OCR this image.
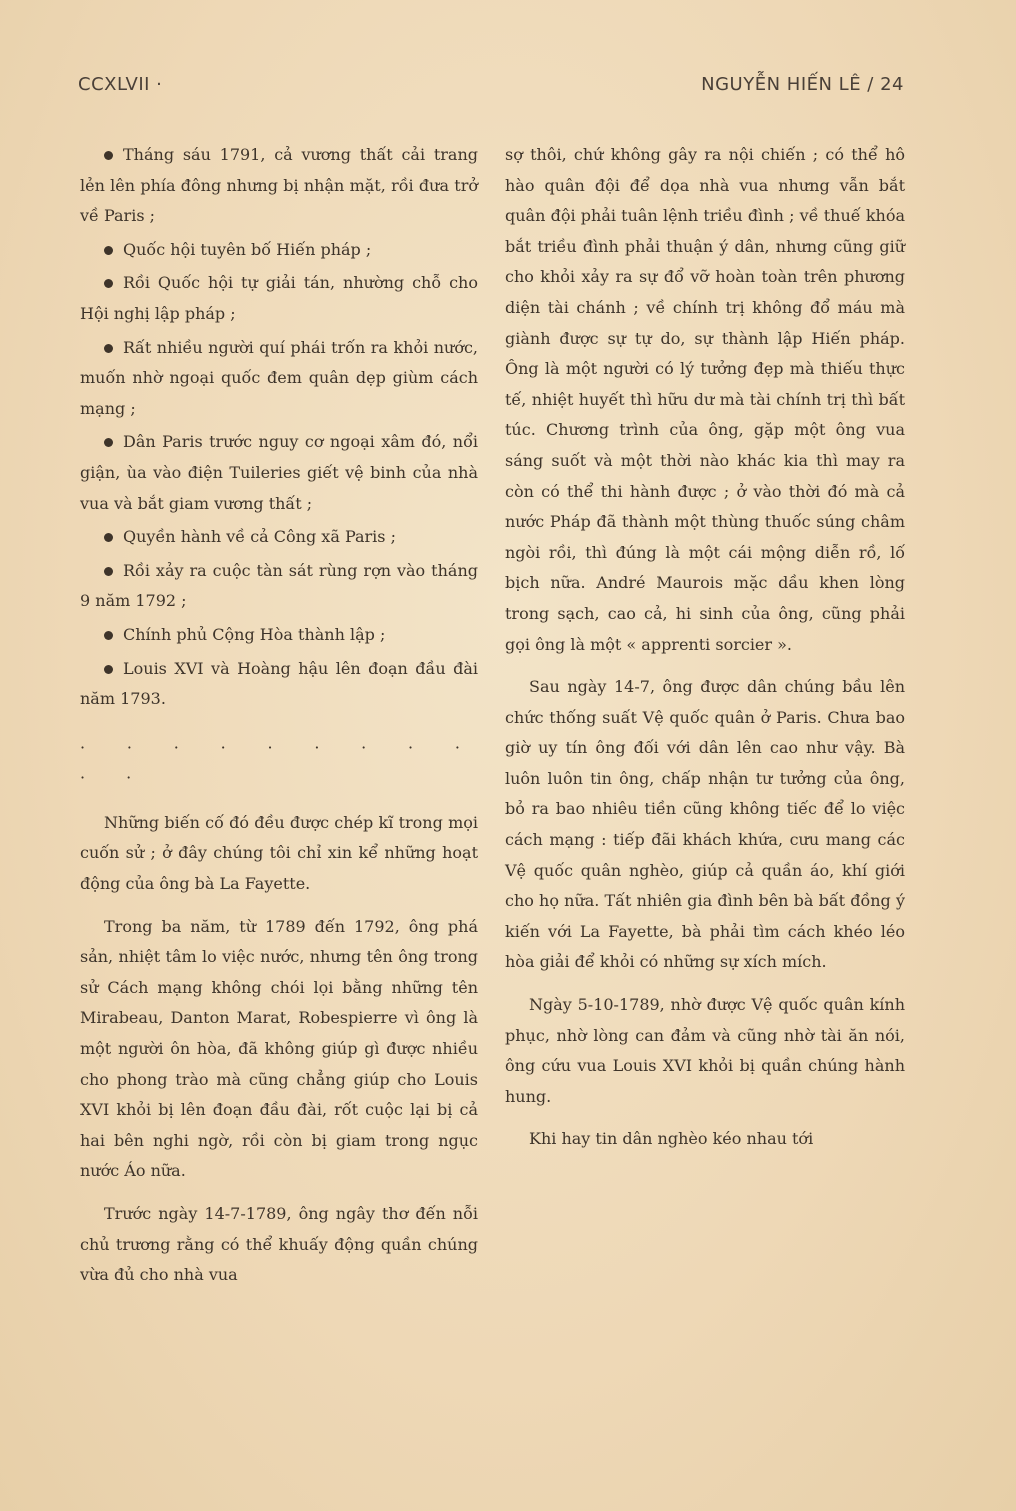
CCXLVII ·	NGUYỄN HIẾN LÊ / 24

Tháng sáu 1791, cả vương thất cải trang lẻn lên phía đông nhưng bị nhận mặt, rồi đưa trở về Paris ;

Quốc hội tuyên bố Hiến pháp ;

Rồi Quốc hội tự giải tán, nhường chỗ cho Hội nghị lập pháp ;

Rất nhiều người quí phái trốn ra khỏi nước, muốn nhờ ngoại quốc đem quân dẹp giùm cách mạng ;

Dân Paris trước nguy cơ ngoại xâm đó, nổi giận, ùa vào điện Tuileries giết vệ binh của nhà vua và bắt giam vương thất ;

Quyền hành về cả Công xã Paris ;

Rồi xảy ra cuộc tàn sát rùng rợn vào tháng 9 năm 1792 ;

Chính phủ Cộng Hòa thành lập ;

Louis XVI và Hoàng hậu lên đoạn đầu đài năm 1793.

· · · · · · · · · · ·

Những biến cố đó đều được chép kĩ trong mọi cuốn sử ; ở đây chúng tôi chỉ xin kể những hoạt động của ông bà La Fayette.

Trong ba năm, từ 1789 đến 1792, ông phá sản, nhiệt tâm lo việc nước, nhưng tên ông trong sử Cách mạng không chói lọi bằng những tên Mirabeau, Danton Marat, Robespierre vì ông là một người ôn hòa, đã không giúp gì được nhiều cho phong trào mà cũng chẳng giúp cho Louis XVI khỏi bị lên đoạn đầu đài, rốt cuộc lại bị cả hai bên nghi ngờ, rồi còn bị giam trong ngục nước Áo nữa.

Trước ngày 14-7-1789, ông ngây thơ đến nỗi chủ trương rằng có thể khuấy động quần chúng vừa đủ cho nhà vua

sợ thôi, chứ không gây ra nội chiến ; có thể hô hào quân đội để dọa nhà vua nhưng vẫn bắt quân đội phải tuân lệnh triều đình ; về thuế khóa bắt triều đình phải thuận ý dân, nhưng cũng giữ cho khỏi xảy ra sự đổ vỡ hoàn toàn trên phương diện tài chánh ; về chính trị không đổ máu mà giành được sự tự do, sự thành lập Hiến pháp. Ông là một người có lý tưởng đẹp mà thiếu thực tế, nhiệt huyết thì hữu dư mà tài chính trị thì bất túc. Chương trình của ông, gặp một ông vua sáng suốt và một thời nào khác kia thì may ra còn có thể thi hành được ; ở vào thời đó mà cả nước Pháp đã thành một thùng thuốc súng châm ngòi rồi, thì đúng là một cái mộng diễn rồ, lố bịch nữa. André Maurois mặc dầu khen lòng trong sạch, cao cả, hi sinh của ông, cũng phải gọi ông là một « apprenti sorcier ».

Sau ngày 14-7, ông được dân chúng bầu lên chức thống suất Vệ quốc quân ở Paris. Chưa bao giờ uy tín ông đối với dân lên cao như vậy. Bà luôn luôn tin ông, chấp nhận tư tưởng của ông, bỏ ra bao nhiêu tiền cũng không tiếc để lo việc cách mạng : tiếp đãi khách khứa, cưu mang các Vệ quốc quân nghèo, giúp cả quần áo, khí giới cho họ nữa. Tất nhiên gia đình bên bà bất đồng ý kiến với La Fayette, bà phải tìm cách khéo léo hòa giải để khỏi có những sự xích mích.

Ngày 5-10-1789, nhờ được Vệ quốc quân kính phục, nhờ lòng can đảm và cũng nhờ tài ăn nói, ông cứu vua Louis XVI khỏi bị quần chúng hành hung.

Khi hay tin dân nghèo kéo nhau tới
